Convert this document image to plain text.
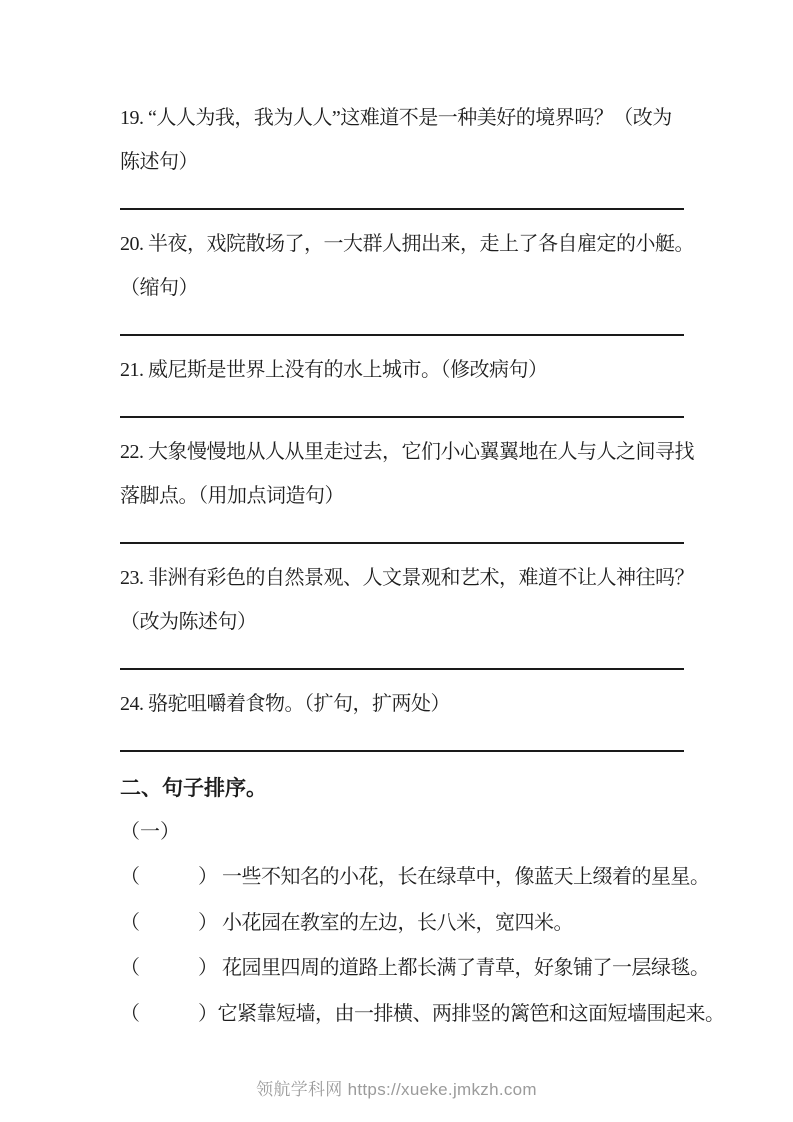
19. “人人为我，我为人人”这难道不是一种美好的境界吗？（改为
陈述句）
20. 半夜，戏院散场了，一大群人拥出来，走上了各自雇定的小艇。
（缩句）
21. 威尼斯是世界上没有的水上城市。（修改病句）
22. 大象慢慢地从人从里走过去，它们小心翼翼地在人与人之间寻找
落脚点。（用加点词造句）
23. 非洲有彩色的自然景观、人文景观和艺术，难道不让人神往吗？
（改为陈述句）
24. 骆驼咀嚼着食物。（扩句，扩两处）
二、句子排序。
（一）
（　　　） 一些不知名的小花，长在绿草中，像蓝天上缀着的星星。
（　　　） 小花园在教室的左边，长八米，宽四米。
（　　　） 花园里四周的道路上都长满了青草，好象铺了一层绿毯。
（　　　）它紧靠短墙，由一排横、两排竖的篱笆和这面短墙围起来。
领航学科网 https://xueke.jmkzh.com
